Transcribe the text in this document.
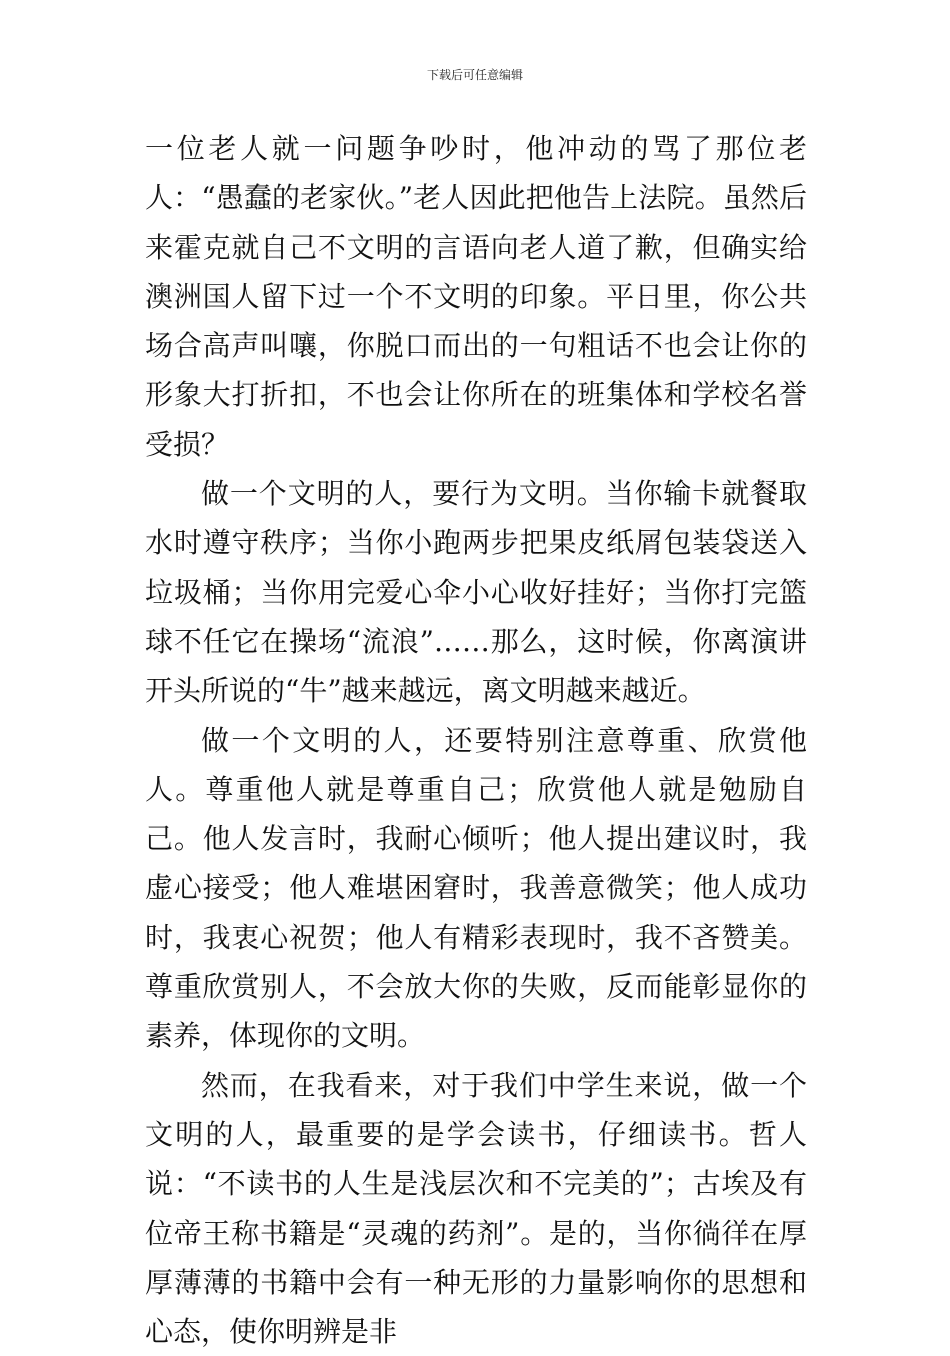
下载后可任意编辑

一位老人就一问题争吵时，他冲动的骂了那位老人：“愚蠢的老家伙。”老人因此把他告上法院。虽然后来霍克就自己不文明的言语向老人道了歉，但确实给澳洲国人留下过一个不文明的印象。平日里，你公共场合高声叫嚷，你脱口而出的一句粗话不也会让你的形象大打折扣，不也会让你所在的班集体和学校名誉受损？

做一个文明的人，要行为文明。当你输卡就餐取水时遵守秩序；当你小跑两步把果皮纸屑包装袋送入垃圾桶；当你用完爱心伞小心收好挂好；当你打完篮球不任它在操场“流浪”……那么，这时候，你离演讲开头所说的“牛”越来越远，离文明越来越近。

做一个文明的人，还要特别注意尊重、欣赏他人。尊重他人就是尊重自己；欣赏他人就是勉励自己。他人发言时，我耐心倾听；他人提出建议时，我虚心接受；他人难堪困窘时，我善意微笑；他人成功时，我衷心祝贺；他人有精彩表现时，我不吝赞美。尊重欣赏别人，不会放大你的失败，反而能彰显你的素养，体现你的文明。

然而，在我看来，对于我们中学生来说，做一个文明的人，最重要的是学会读书，仔细读书。哲人说：“不读书的人生是浅层次和不完美的”；古埃及有位帝王称书籍是“灵魂的药剂”。是的，当你徜徉在厚厚薄薄的书籍中会有一种无形的力量影响你的思想和心态，使你明辨是非
